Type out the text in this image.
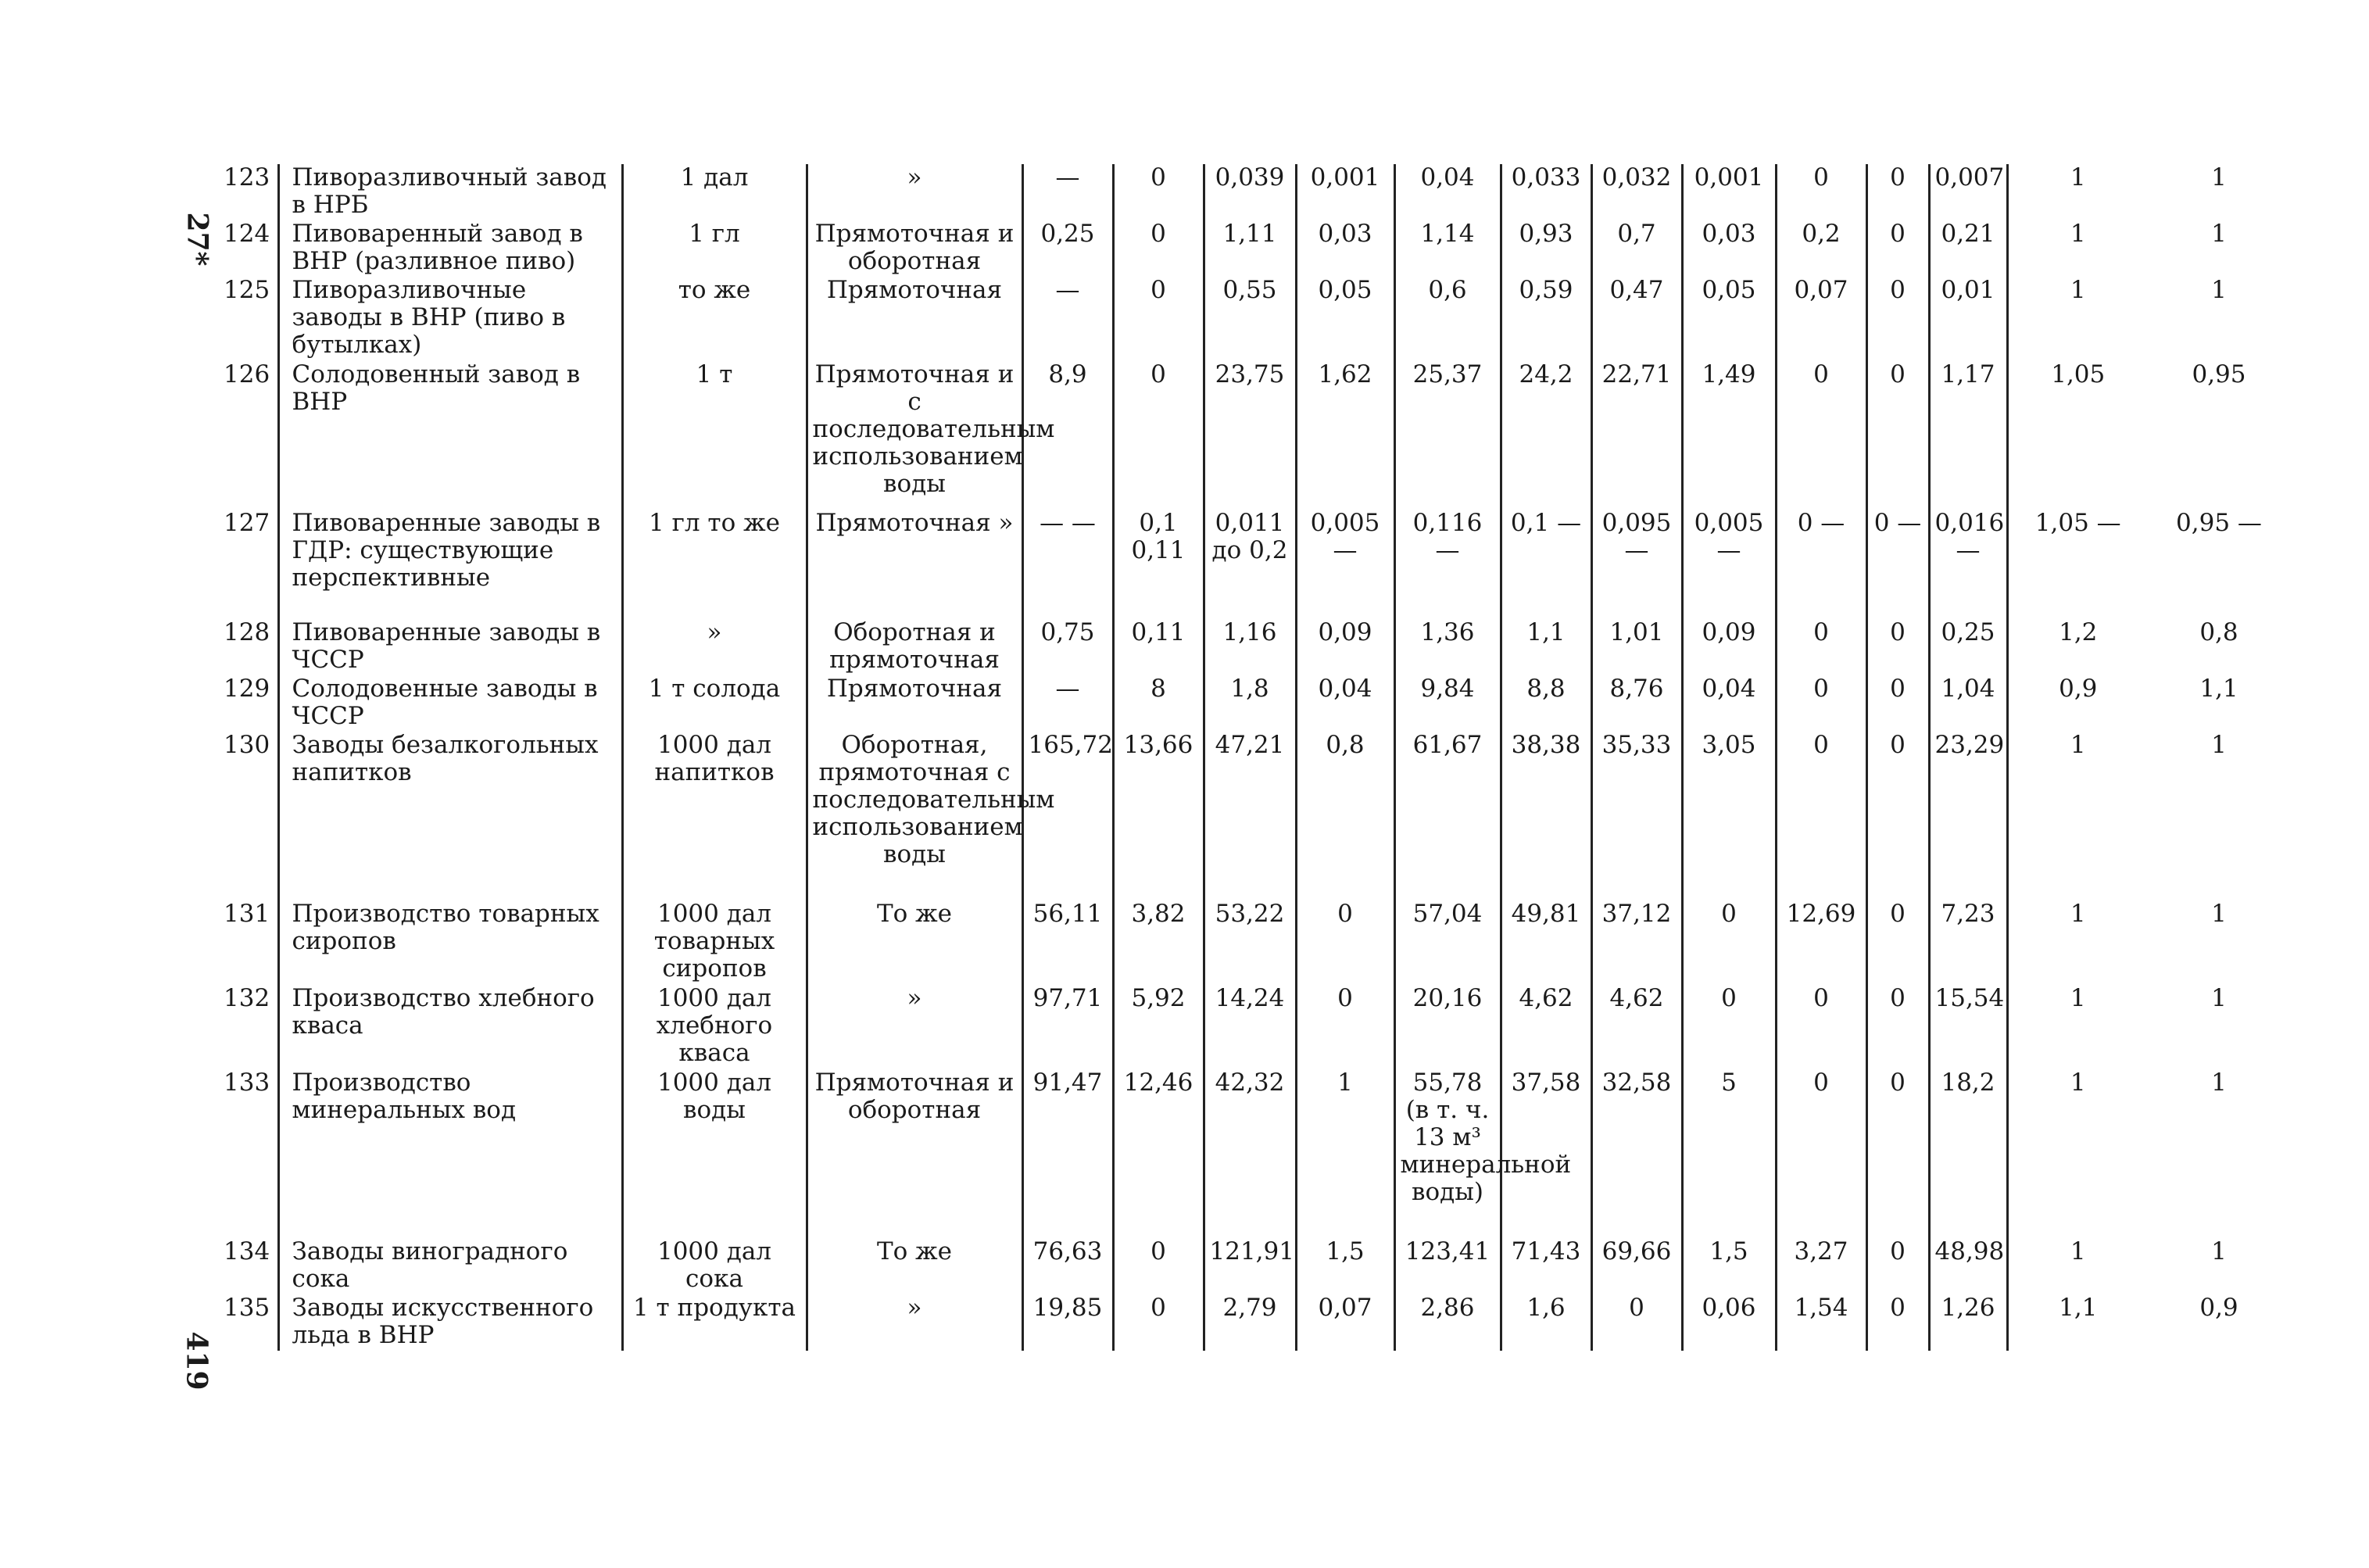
27*
419
123	Пиворазливочный завод в НРБ	1 дал	»	—	0	0,039	0,001	0,04	0,033	0,032	0,001	0	0	0,007	1	1
124	Пивоваренный завод в ВНР (разливное пиво)	1 гл	Прямоточная и оборотная	0,25	0	1,11	0,03	1,14	0,93	0,7	0,03	0,2	0	0,21	1	1
125	Пиворазливочные заводы в ВНР (пиво в бутылках)	то же	Прямоточная	—	0	0,55	0,05	0,6	0,59	0,47	0,05	0,07	0	0,01	1	1
126	Солодовенный завод в ВНР	1 т	Прямоточная и с последовательным использованием воды	8,9	0	23,75	1,62	25,37	24,2	22,71	1,49	0	0	1,17	1,05	0,95
127	Пивоваренные заводы в ГДР: существующие перспективные	1 гл то же	Прямоточная »	— —	0,1 0,11	0,011 до 0,2	0,005 —	0,116 —	0,1 —	0,095 —	0,005 —	0 —	0 —	0,016 —	1,05 —	0,95 —
128	Пивоваренные заводы в ЧССР	»	Оборотная и прямоточная	0,75	0,11	1,16	0,09	1,36	1,1	1,01	0,09	0	0	0,25	1,2	0,8
129	Солодовенные заводы в ЧССР	1 т солода	Прямоточная	—	8	1,8	0,04	9,84	8,8	8,76	0,04	0	0	1,04	0,9	1,1
130	Заводы безалкогольных напитков	1000 дал напитков	Оборотная, прямоточная с последовательным использованием воды	165,72	13,66	47,21	0,8	61,67	38,38	35,33	3,05	0	0	23,29	1	1
131	Производство товарных сиропов	1000 дал товарных сиропов	То же	56,11	3,82	53,22	0	57,04	49,81	37,12	0	12,69	0	7,23	1	1
132	Производство хлебного кваса	1000 дал хлебного кваса	»	97,71	5,92	14,24	0	20,16	4,62	4,62	0	0	0	15,54	1	1
133	Производство минеральных вод	1000 дал воды	Прямоточная и оборотная	91,47	12,46	42,32	1	55,78 (в т. ч. 13 м³ минеральной воды)	37,58	32,58	5	0	0	18,2	1	1
134	Заводы виноградного сока	1000 дал сока	То же	76,63	0	121,91	1,5	123,41	71,43	69,66	1,5	3,27	0	48,98	1	1
135	Заводы искусственного льда в ВНР	1 т продукта	»	19,85	0	2,79	0,07	2,86	1,6	0	0,06	1,54	0	1,26	1,1	0,9
